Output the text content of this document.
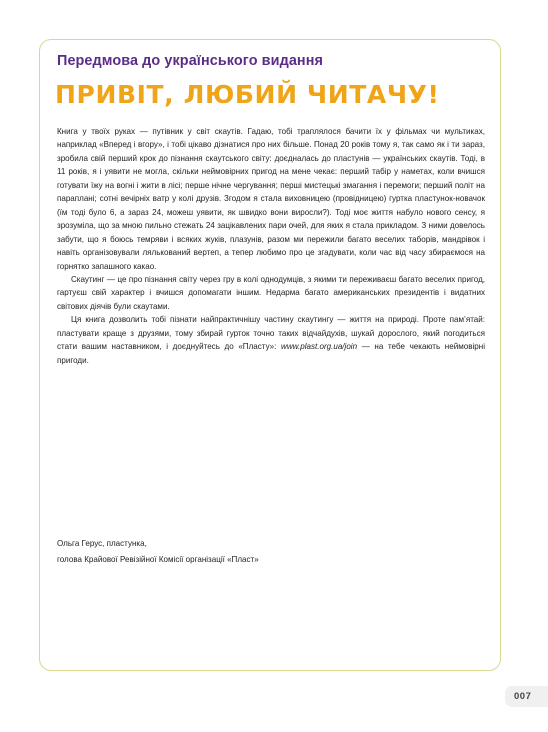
Передмова до українського видання
ПРИВІТ, ЛЮБИЙ ЧИТАЧУ!

Книга у твоїх руках — путівник у світ скаутів. Гадаю, тобі траплялося бачити їх у фільмах чи мультиках, наприклад «Вперед і вгору», і тобі цікаво дізнатися про них більше. Понад 20 років тому я, так само як і ти зараз, зробила свій перший крок до пізнання скаутського світу: доєдналась до пластунів — українських скаутів. Тоді, в 11 років, я і уявити не могла, скільки неймовірних пригод на мене чекає: перший табір у наметах, коли вчишся готувати їжу на вогні і жити в лісі; перше нічне чергування; перші мистецькі змагання і перемоги; перший політ на параплані; сотні вечірніх ватр у колі друзів. Згодом я стала виховницею (провідницею) гуртка пластунок-новачок (їм тоді було 6, а зараз 24, можеш уявити, як швидко вони виросли?). Тоді моє життя набуло нового сенсу, я зрозуміла, що за мною пильно стежать 24 зацікавлених пари очей, для яких я стала прикладом. З ними довелось забути, що я боюсь темряви і всяких жуків, плазунів, разом ми пережили багато веселих таборів, мандрівок і навіть організовували лялькований вертеп, а тепер любимо про це згадувати, коли час від часу збираємося на горнятко запашного какао.

Скаутинг — це про пізнання світу через гру в колі однодумців, з якими ти переживаєш багато веселих пригод, гартуєш свій характер і вчишся допомагати іншим. Недарма багато американських президентів і видатних світових діячів були скаутами.

Ця книга дозволить тобі пізнати найпрактичнішу частину скаутингу — життя на природі. Проте пам’ятай: пластувати краще з друзями, тому збирай гурток точно таких відчайдухів, шукай дорослого, який погодиться стати вашим наставником, і доєднуйтесь до «Пласту»: www.plast.org.ua/join — на тебе чекають неймовірні пригоди.

Ольга Герус, пластунка,
голова Крайової Ревізійної Комісії організації «Пласт»
007
